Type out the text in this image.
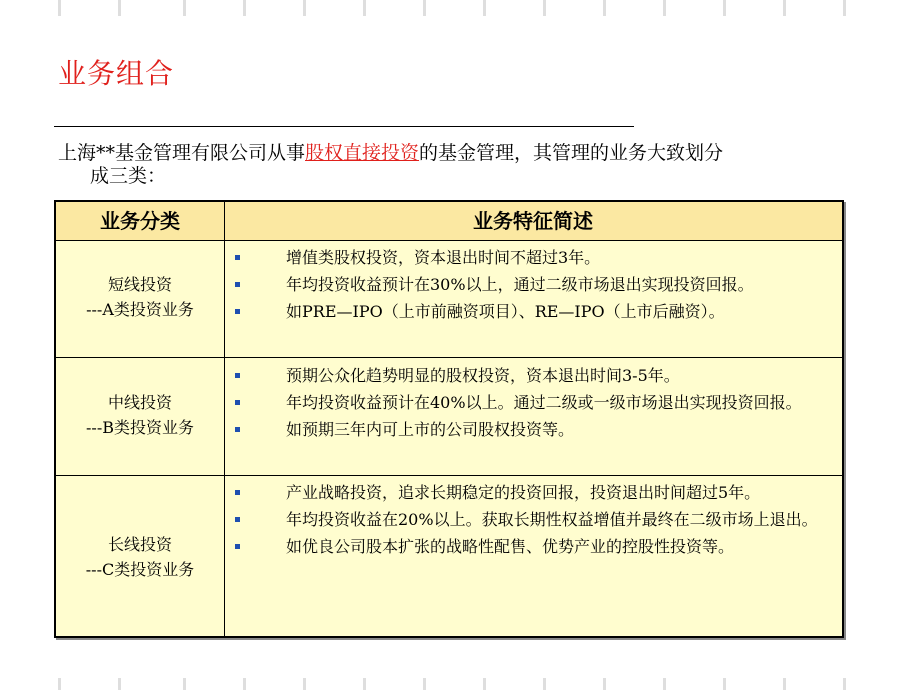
业务组合
上海**基金管理有限公司从事股权直接投资的基金管理，其管理的业务大致划分
成三类：
业务分类	业务特征简述
短线投资
---A类投资业务
增值类股权投资，资本退出时间不超过3年。
年均投资收益预计在30%以上，通过二级市场退出实现投资回报。
如PRE—IPO（上市前融资项目）、RE—IPO（上市后融资）。
中线投资
---B类投资业务
预期公众化趋势明显的股权投资，资本退出时间3-5年。
年均投资收益预计在40%以上。通过二级或一级市场退出实现投资回报。
如预期三年内可上市的公司股权投资等。
长线投资
---C类投资业务
产业战略投资，追求长期稳定的投资回报，投资退出时间超过5年。
年均投资收益在20%以上。获取长期性权益增值并最终在二级市场上退出。
如优良公司股本扩张的战略性配售、优势产业的控股性投资等。
